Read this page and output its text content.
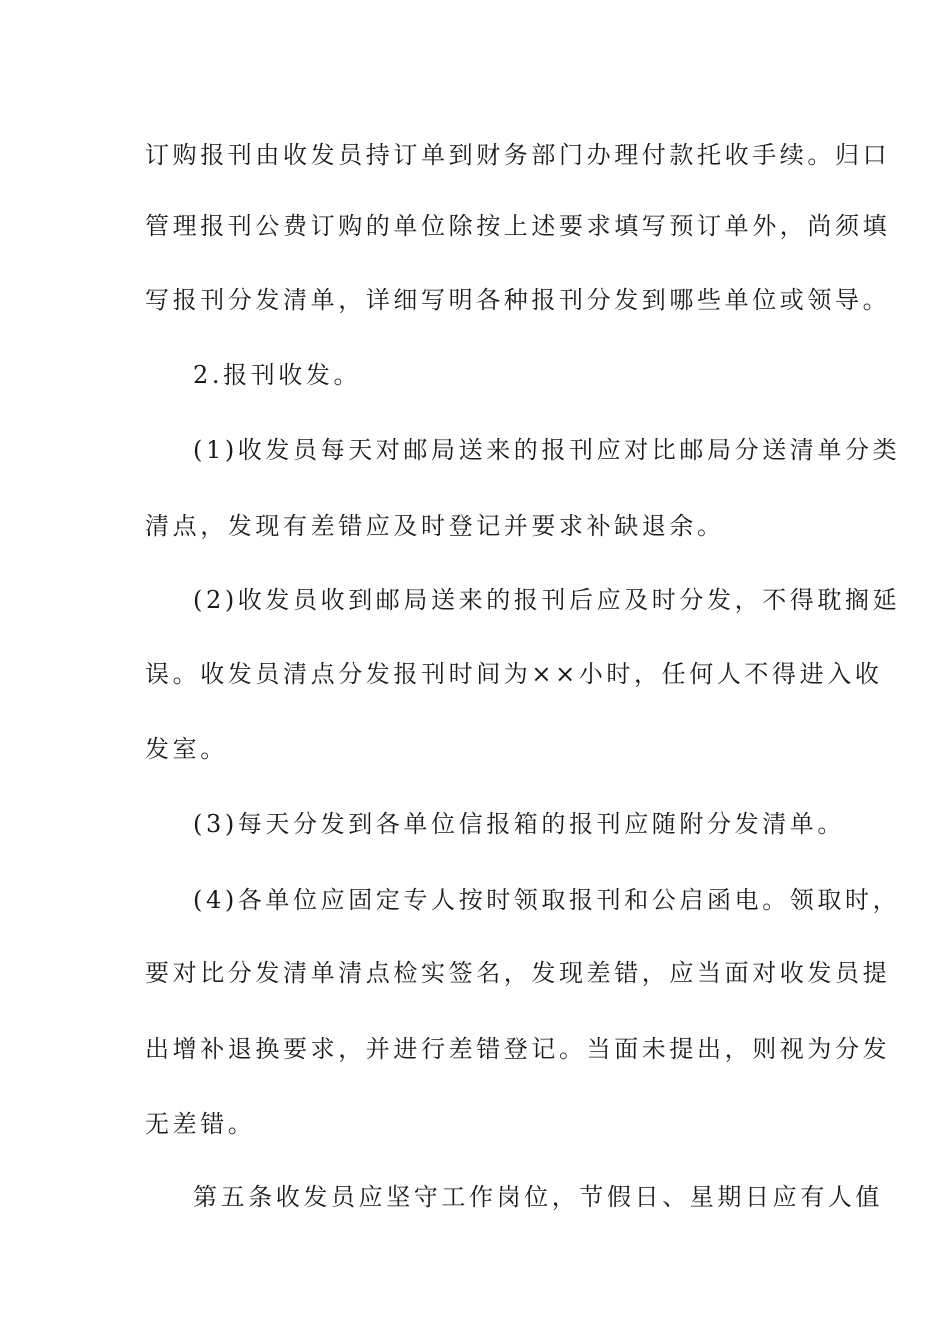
订购报刊由收发员持订单到财务部门办理付款托收手续。归口

管理报刊公费订购的单位除按上述要求填写预订单外，尚须填

写报刊分发清单，详细写明各种报刊分发到哪些单位或领导。

2.报刊收发。

(1)收发员每天对邮局送来的报刊应对比邮局分送清单分类

清点，发现有差错应及时登记并要求补缺退余。

(2)收发员收到邮局送来的报刊后应及时分发，不得耽搁延

误。收发员清点分发报刊时间为××小时，任何人不得进入收

发室。

(3)每天分发到各单位信报箱的报刊应随附分发清单。

(4)各单位应固定专人按时领取报刊和公启函电。领取时，

要对比分发清单清点检实签名，发现差错，应当面对收发员提

出增补退换要求，并进行差错登记。当面未提出，则视为分发

无差错。

第五条收发员应坚守工作岗位，节假日、星期日应有人值
